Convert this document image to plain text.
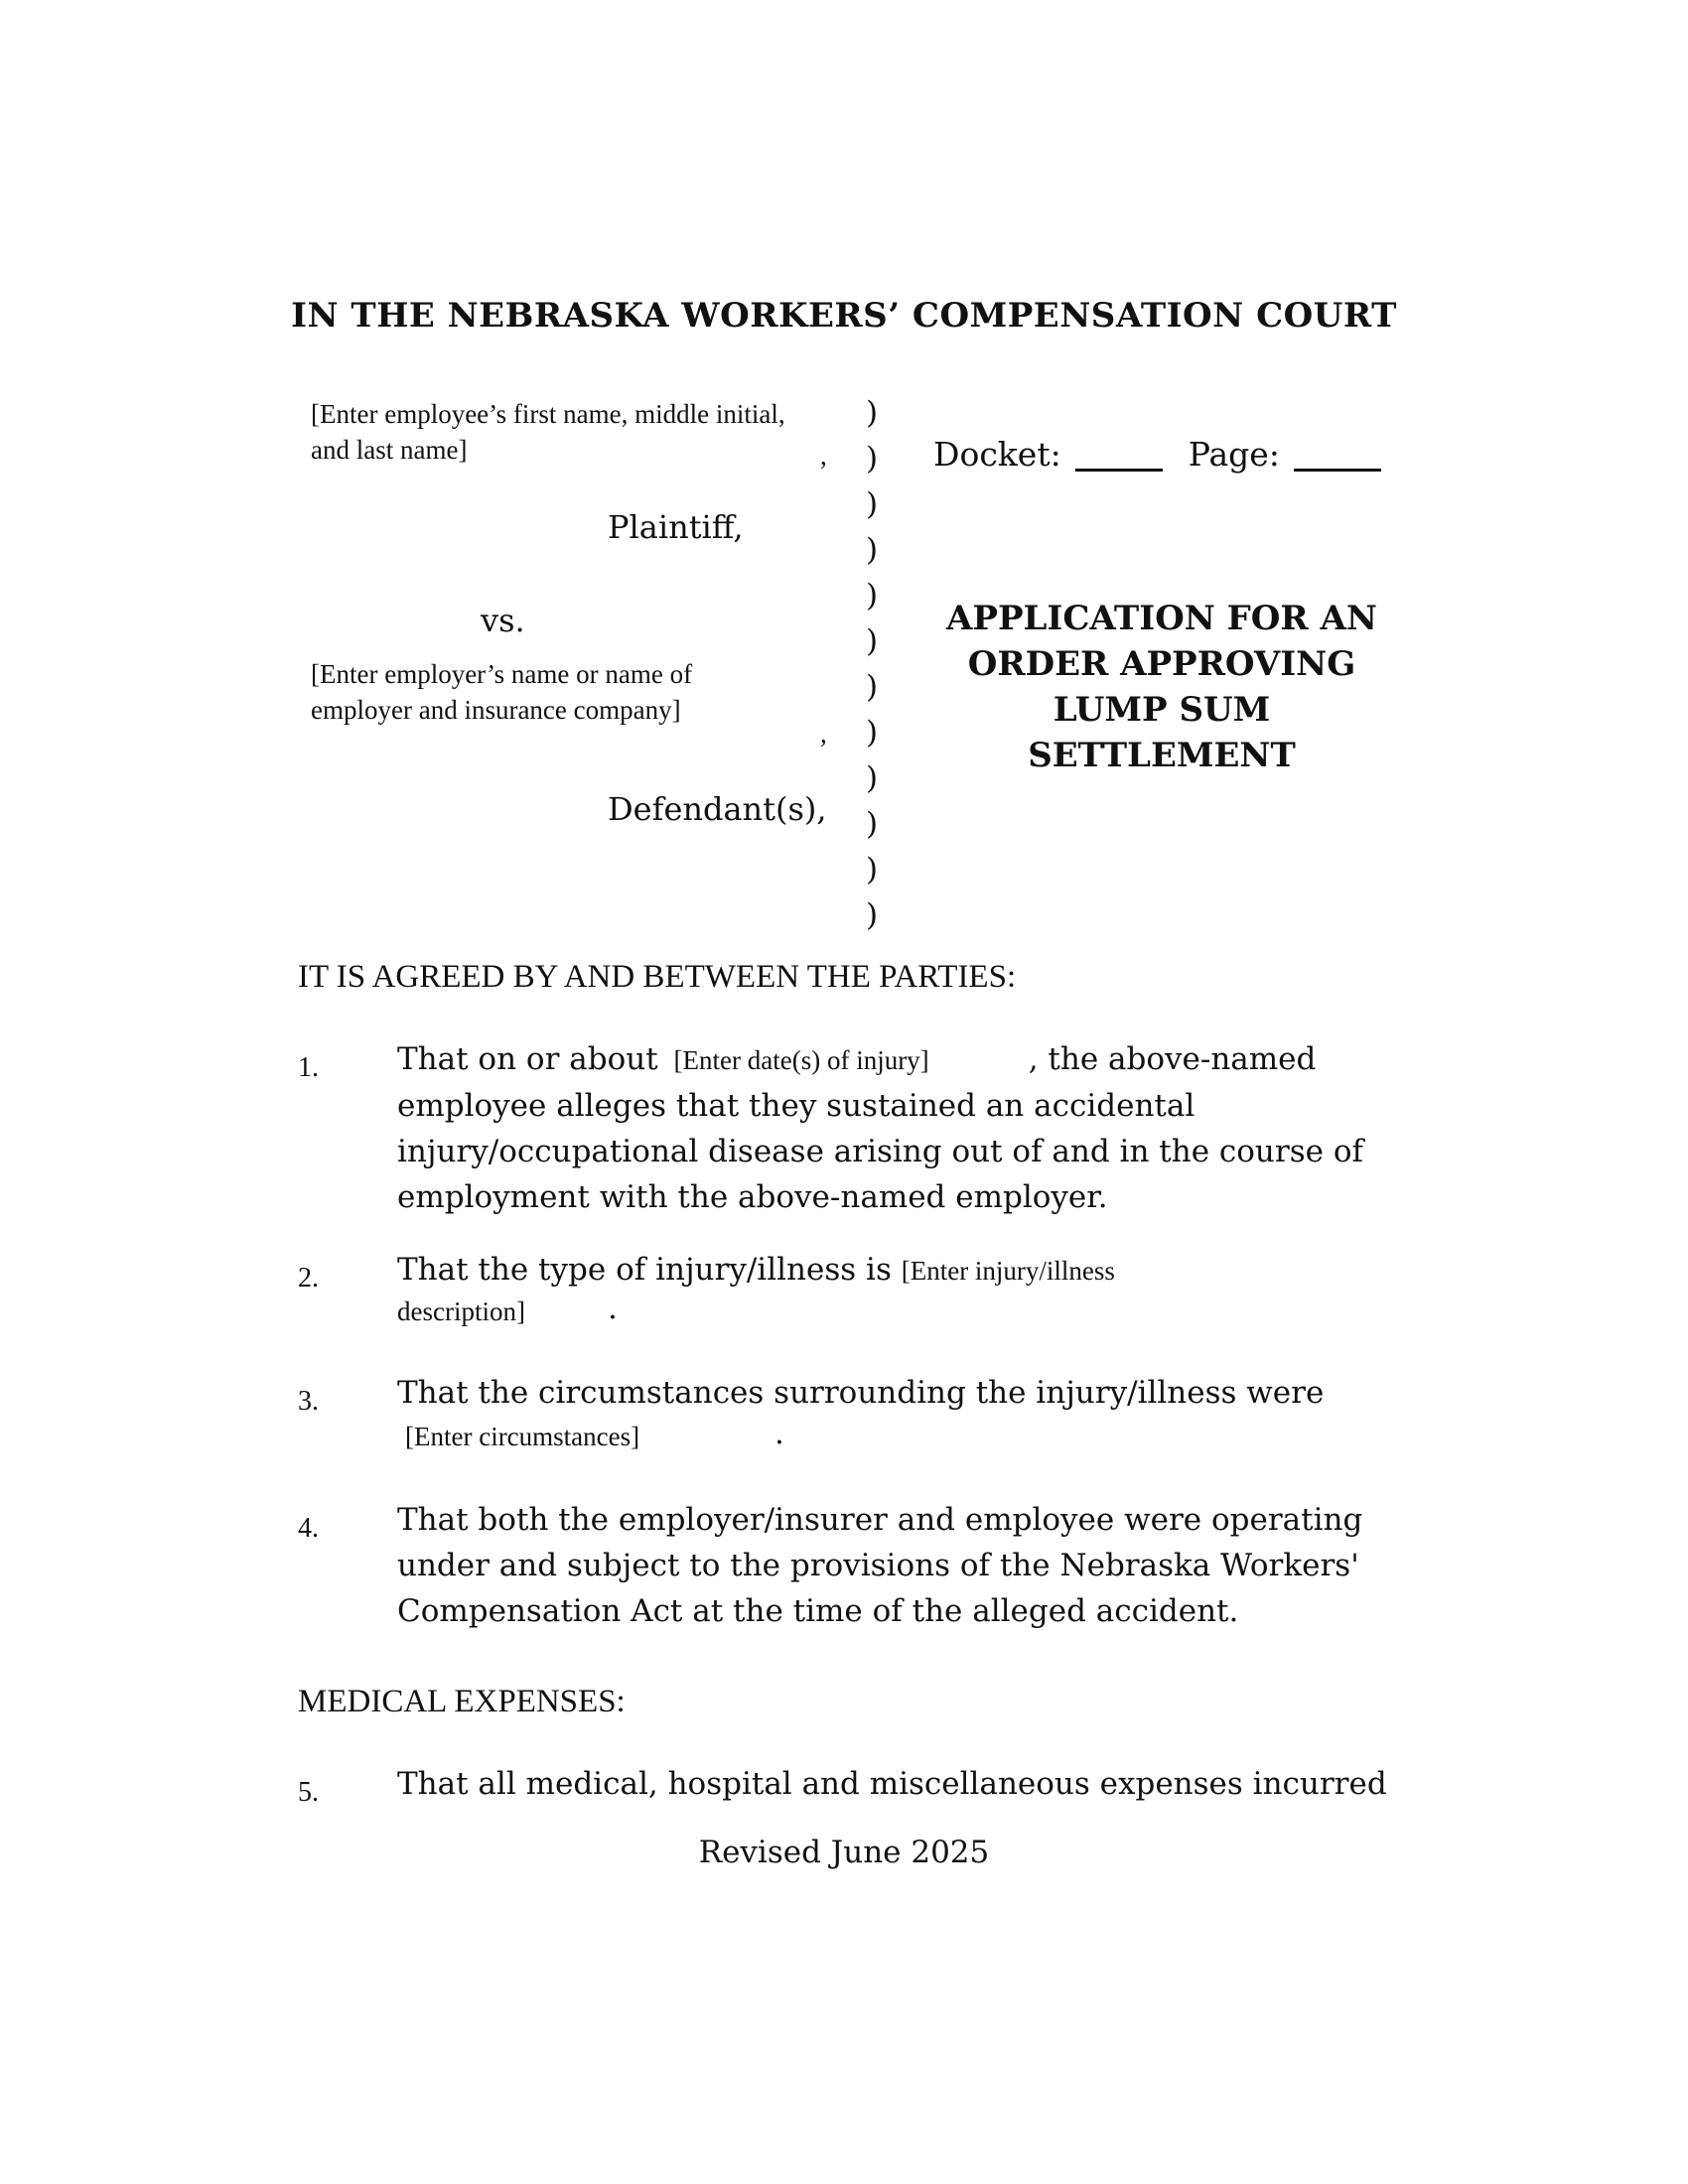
IN THE NEBRASKA WORKERS’ COMPENSATION COURT
[Enter employee’s first name, middle initial,
and last name]	,
Plaintiff,
vs.
[Enter employer’s name or name of
employer and insurance company]
,
Defendant(s),
)
)
)
)
)
)
)
)
)
)
)
)
Docket:	Page:
APPLICATION FOR AN ORDER APPROVING LUMP SUM SETTLEMENT
IT IS AGREED BY AND BETWEEN THE PARTIES:
1.	That on or about [Enter date(s) of injury]	, the above-named employee alleges that they sustained an accidental injury/occupational disease arising out of and in the course of employment with the above-named employer.
2.	That the type of injury/illness is [Enter injury/illness
description]	.
3.	That the circumstances surrounding the injury/illness were
[Enter circumstances]	.
4.	That both the employer/insurer and employee were operating under and subject to the provisions of the Nebraska Workers' Compensation Act at the time of the alleged accident.
MEDICAL EXPENSES:
5.	That all medical, hospital and miscellaneous expenses incurred
Revised June 2025
